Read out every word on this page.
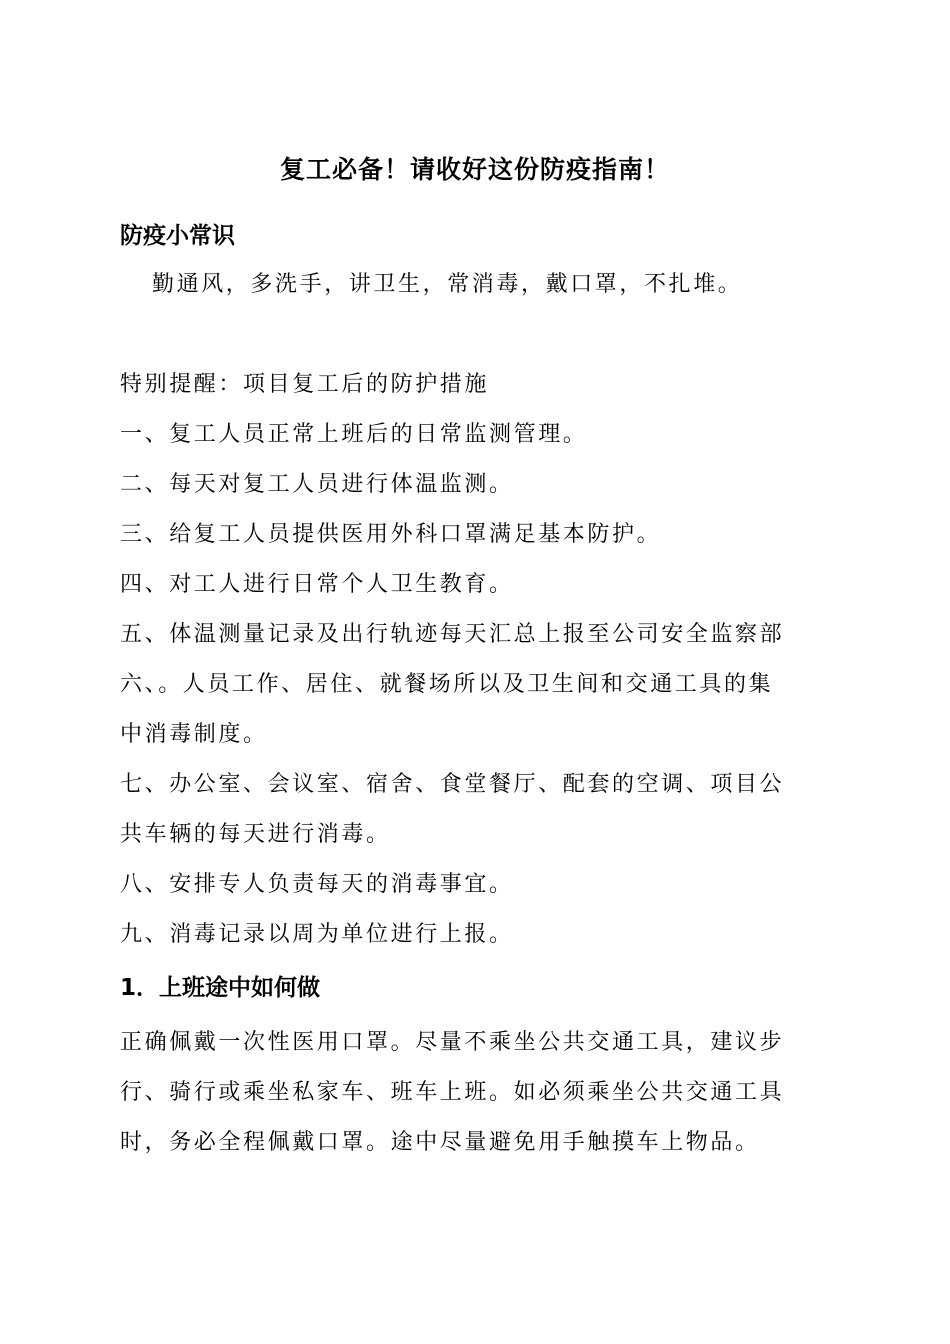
复工必备！请收好这份防疫指南！
防疫小常识
勤通风，多洗手，讲卫生，常消毒，戴口罩，不扎堆。
特别提醒：项目复工后的防护措施
一、复工人员正常上班后的日常监测管理。
二、每天对复工人员进行体温监测。
三、给复工人员提供医用外科口罩满足基本防护。
四、对工人进行日常个人卫生教育。
五、体温测量记录及出行轨迹每天汇总上报至公司安全监察部
六、。人员工作、居住、就餐场所以及卫生间和交通工具的集
中消毒制度。
七、办公室、会议室、宿舍、食堂餐厅、配套的空调、项目公
共车辆的每天进行消毒。
八、安排专人负责每天的消毒事宜。
九、消毒记录以周为单位进行上报。
1．上班途中如何做
正确佩戴一次性医用口罩。尽量不乘坐公共交通工具，建议步
行、骑行或乘坐私家车、班车上班。如必须乘坐公共交通工具
时，务必全程佩戴口罩。途中尽量避免用手触摸车上物品。
